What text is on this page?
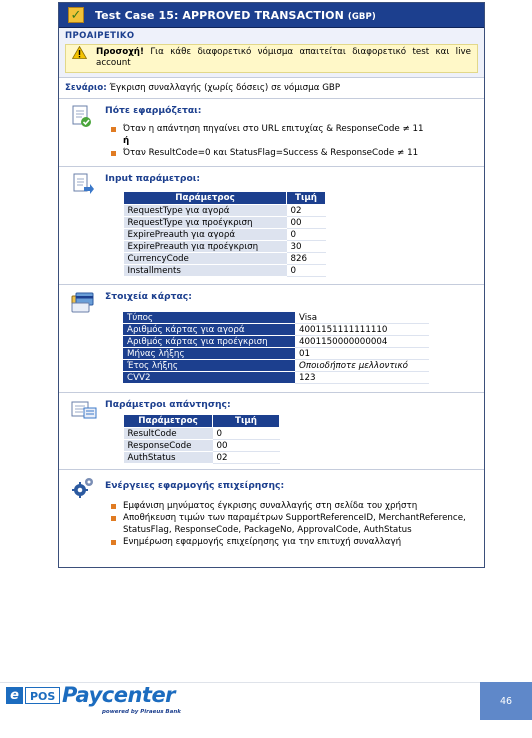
✓ Test Case 15: APPROVED TRANSACTION (GBP)
ΠΡΟΑΙΡΕΤΙΚΟ
Προσοχή! Για κάθε διαφορετικό νόμισμα απαιτείται διαφορετικό test και live account
Σενάριο: Έγκριση συναλλαγής (χωρίς δόσεις) σε νόμισμα GBP
Πότε εφαρμόζεται:
Όταν η απάντηση πηγαίνει στο URL επιτυχίας & ResponseCode ≠ 11
ή
Όταν ResultCode=0 και StatusFlag=Success & ResponseCode ≠ 11
Input παράμετροι:
Παράμετρος	Τιμή
RequestType για αγορά	02
RequestType για προέγκριση	00
ExpirePreauth για αγορά	0
ExpirePreauth για προέγκριση	30
CurrencyCode	826
Installments	0
Στοιχεία κάρτας:
Τύπος	Visa
Αριθμός κάρτας για αγορά	4001151111111110
Αριθμός κάρτας για προέγκριση	4001150000000004
Μήνας λήξης	01
Έτος λήξης	Οποιοδήποτε μελλοντικό
CVV2	123
Παράμετροι απάντησης:
Παράμετρος	Τιμή
ResultCode	0
ResponseCode	00
AuthStatus	02
Ενέργειες εφαρμογής επιχείρησης:
Εμφάνιση μηνύματος έγκρισης συναλλαγής στη σελίδα του χρήστη
Αποθήκευση τιμών των παραμέτρων SupportReferenceID, MerchantReference, StatusFlag, ResponseCode, PackageNo, ApprovalCode, AuthStatus
Ενημέρωση εφαρμογής επιχείρησης για την επιτυχή συναλλαγή
e	POS Paycenter
powered by Piraeus Bank
46
